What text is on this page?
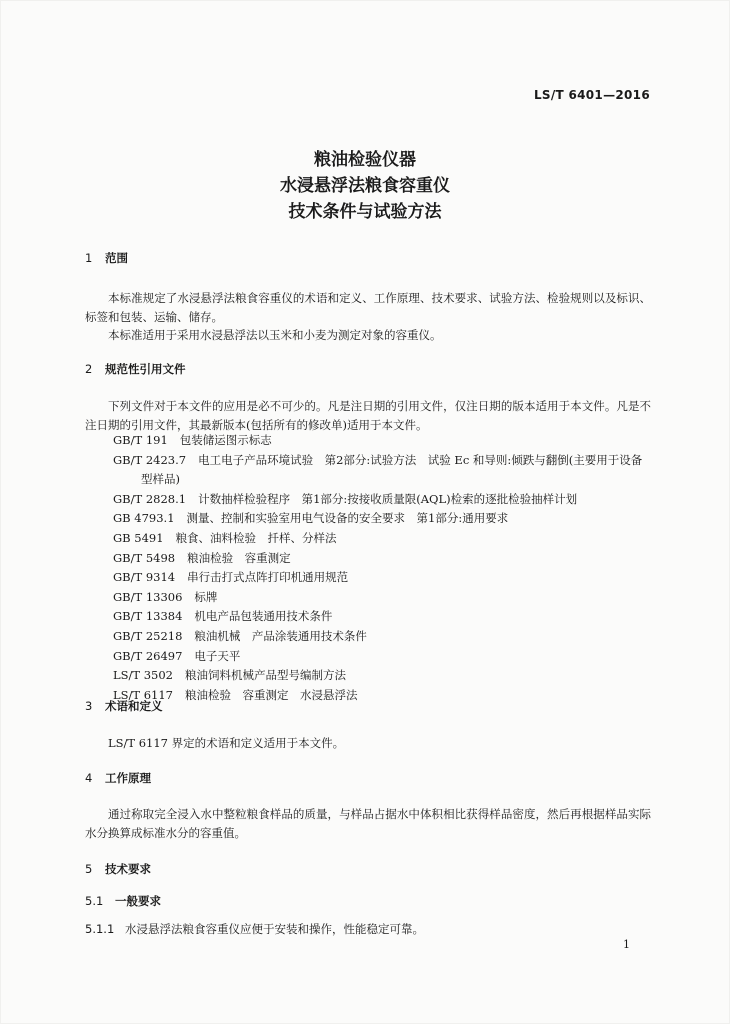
LS/T 6401—2016
粮油检验仪器
水浸悬浮法粮食容重仪
技术条件与试验方法
1 范围
本标准规定了水浸悬浮法粮食容重仪的术语和定义、工作原理、技术要求、试验方法、检验规则以及标识、标签和包装、运输、储存。
本标准适用于采用水浸悬浮法以玉米和小麦为测定对象的容重仪。
2 规范性引用文件
下列文件对于本文件的应用是必不可少的。凡是注日期的引用文件，仅注日期的版本适用于本文件。凡是不注日期的引用文件，其最新版本(包括所有的修改单)适用于本文件。
GB/T 191 包装储运图示标志
GB/T 2423.7 电工电子产品环境试验　第2部分:试验方法　试验 Ec 和导则:倾跌与翻倒(主要用于设备型样品)
GB/T 2828.1 计数抽样检验程序　第1部分:按接收质量限(AQL)检索的逐批检验抽样计划
GB 4793.1 测量、控制和实验室用电气设备的安全要求　第1部分:通用要求
GB 5491 粮食、油料检验　扦样、分样法
GB/T 5498 粮油检验　容重测定
GB/T 9314 串行击打式点阵打印机通用规范
GB/T 13306 标牌
GB/T 13384 机电产品包装通用技术条件
GB/T 25218 粮油机械　产品涂装通用技术条件
GB/T 26497 电子天平
LS/T 3502 粮油饲料机械产品型号编制方法
LS/T 6117 粮油检验　容重测定　水浸悬浮法
3 术语和定义
LS/T 6117 界定的术语和定义适用于本文件。
4 工作原理
通过称取完全浸入水中整粒粮食样品的质量，与样品占据水中体积相比获得样品密度，然后再根据样品实际水分换算成标准水分的容重值。
5 技术要求
5.1 一般要求
5.1.1 水浸悬浮法粮食容重仪应便于安装和操作，性能稳定可靠。
1
